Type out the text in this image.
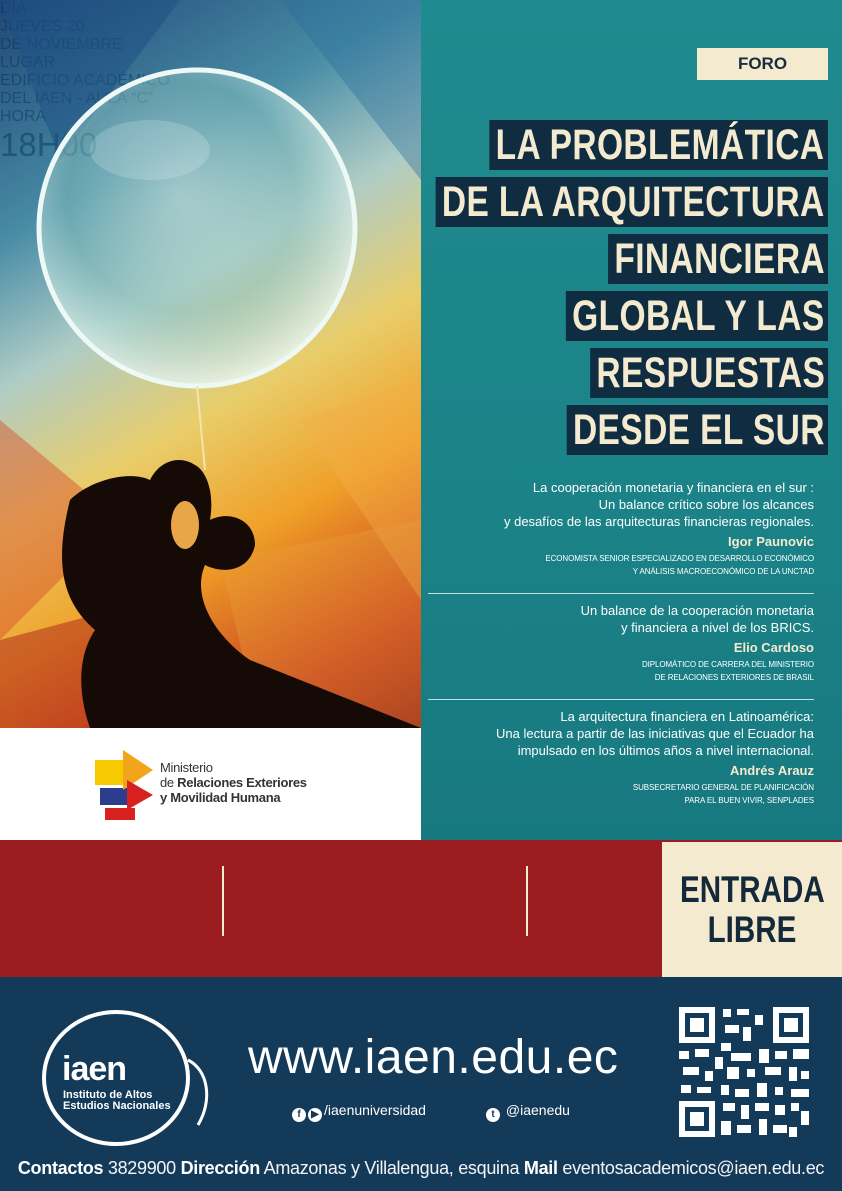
Ministerio
de Relaciones Exteriores
y Movilidad Humana
FORO
LA PROBLEMÁTICA
DE LA ARQUITECTURA
FINANCIERA
GLOBAL Y LAS
RESPUESTAS
DESDE EL SUR
La cooperación monetaria y financiera en el sur :
Un balance crítico sobre los alcances
y desafíos de las arquitecturas financieras regionales.
Igor Paunovic
ECONOMISTA SENIOR ESPECIALIZADO EN DESARROLLO ECONÓMICO
Y ANÁLISIS MACROECONÓMICO DE LA UNCTAD
Un balance de la cooperación monetaria
y financiera a nivel de los BRICS.
Elio Cardoso
DIPLOMÁTICO DE CARRERA DEL MINISTERIO
DE RELACIONES EXTERIORES DE BRASIL
La arquitectura financiera en Latinoamérica:
Una lectura a partir de las iniciativas que el Ecuador ha
impulsado en los últimos años a nivel internacional.
Andrés Arauz
SUBSECRETARIO GENERAL DE PLANIFICACIÓN
PARA EL BUEN VIVIR, SENPLADES
ENTRADA
LIBRE
iaen
Instituto de Altos
Estudios Nacionales
www.iaen.edu.ec
f ▶ /iaenuniversidad	t @iaenedu
Contactos 3829900 Dirección Amazonas y Villalengua, esquina Mail eventosacademicos@iaen.edu.ec
